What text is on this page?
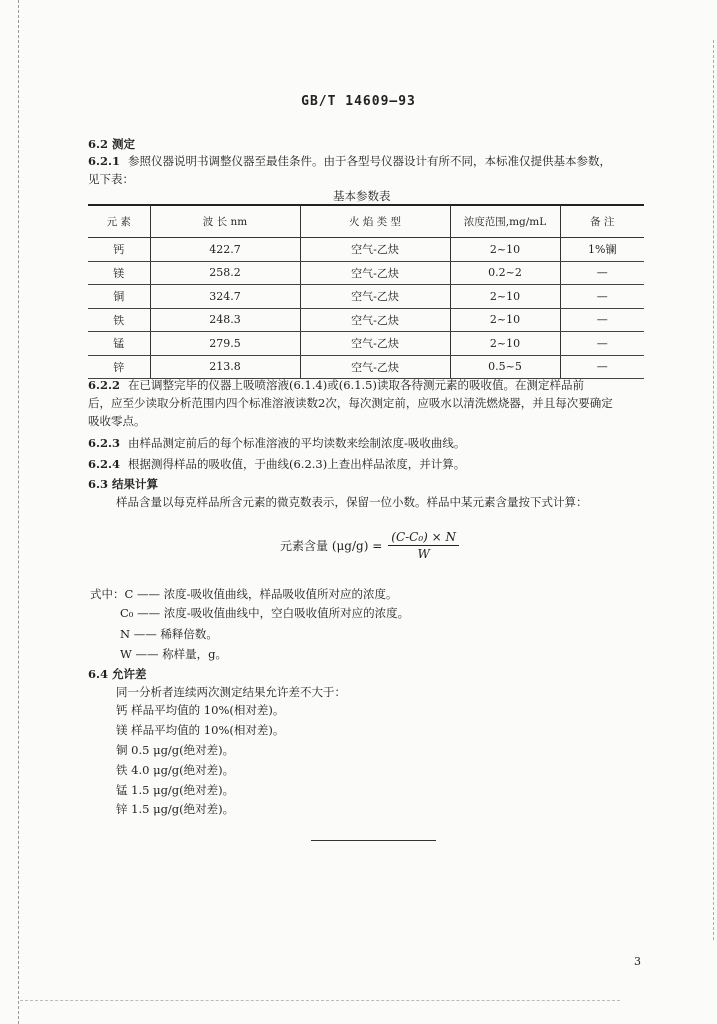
GB/T 14609—93
6.2 测定
6.2.1 参照仪器说明书调整仪器至最佳条件。由于各型号仪器设计有所不同，本标准仅提供基本参数，
见下表：
基本参数表
元 素	波 长 nm	火 焰 类 型	浓度范围,mg/mL	备 注
钙	422.7	空气-乙炔	2~10	1%镧
镁	258.2	空气-乙炔	0.2~2	—
铜	324.7	空气-乙炔	2~10	—
铁	248.3	空气-乙炔	2~10	—
锰	279.5	空气-乙炔	2~10	—
锌	213.8	空气-乙炔	0.5~5	—
6.2.2 在已调整完毕的仪器上吸喷溶液(6.1.4)或(6.1.5)读取各待测元素的吸收值。在测定样品前
后，应至少读取分析范围内四个标准溶液读数2次，每次测定前，应吸水以清洗燃烧器，并且每次要确定
吸收零点。
6.2.3 由样品测定前后的每个标准溶液的平均读数来绘制浓度-吸收曲线。
6.2.4 根据测得样品的吸收值，于曲线(6.2.3)上查出样品浓度，并计算。
6.3 结果计算
样品含量以每克样品所含元素的微克数表示，保留一位小数。样品中某元素含量按下式计算：
元素含量 $(\mu g/g) = \frac{\text{(C-C₀) × N}}{W}$
式中：C —— 浓度-吸收值曲线，样品吸收值所对应的浓度。
C₀ —— 浓度-吸收值曲线中，空白吸收值所对应的浓度。
N —— 稀释倍数。
W —— 称样量，g。
6.4 允许差
同一分析者连续两次测定结果允许差不大于：
钙 样品平均值的 10%(相对差)。
镁 样品平均值的 10%(相对差)。
铜 0.5 μg/g(绝对差)。
铁 4.0 μg/g(绝对差)。
锰 1.5 μg/g(绝对差)。
锌 1.5 μg/g(绝对差)。
3
